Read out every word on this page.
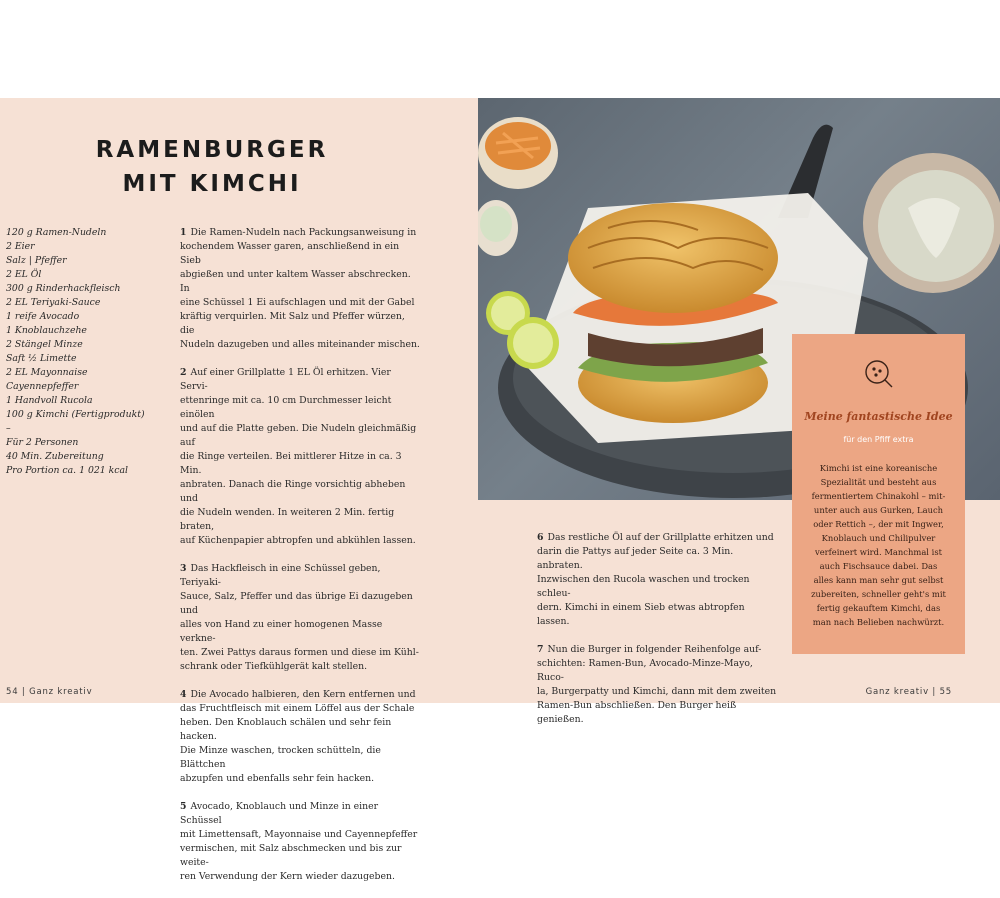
RAMENBURGER
MIT KIMCHI
120 g Ramen-Nudeln
2 Eier
Salz | Pfeffer
2 EL Öl
300 g Rinderhackfleisch
2 EL Teriyaki-Sauce
1 reife Avocado
1 Knoblauchzehe
2 Stängel Minze
Saft ½ Limette
2 EL Mayonnaise
Cayennepfeffer
1 Handvoll Rucola
100 g Kimchi (Fertigprodukt)
–
Für 2 Personen
40 Min. Zubereitung
Pro Portion ca. 1 021 kcal

1 Die Ramen-Nudeln nach Packungsanweisung in
kochendem Wasser garen, anschließend in ein Sieb
abgießen und unter kaltem Wasser abschrecken. In
eine Schüssel 1 Ei aufschlagen und mit der Gabel
kräftig verquirlen. Mit Salz und Pfeffer würzen, die
Nudeln dazugeben und alles miteinander mischen.

2 Auf einer Grillplatte 1 EL Öl erhitzen. Vier Servi-
ettenringe mit ca. 10 cm Durchmesser leicht einölen
und auf die Platte geben. Die Nudeln gleichmäßig auf
die Ringe verteilen. Bei mittlerer Hitze in ca. 3 Min.
anbraten. Danach die Ringe vorsichtig abheben und
die Nudeln wenden. In weiteren 2 Min. fertig braten,
auf Küchenpapier abtropfen und abkühlen lassen.

3 Das Hackfleisch in eine Schüssel geben, Teriyaki-
Sauce, Salz, Pfeffer und das übrige Ei dazugeben und
alles von Hand zu einer homogenen Masse verkne-
ten. Zwei Pattys daraus formen und diese im Kühl-
schrank oder Tiefkühlgerät kalt stellen.

4 Die Avocado halbieren, den Kern entfernen und
das Fruchtfleisch mit einem Löffel aus der Schale
heben. Den Knoblauch schälen und sehr fein hacken.
Die Minze waschen, trocken schütteln, die Blättchen
abzupfen und ebenfalls sehr fein hacken.

5 Avocado, Knoblauch und Minze in einer Schüssel
mit Limettensaft, Mayonnaise und Cayennepfeffer
vermischen, mit Salz abschmecken und bis zur weite-
ren Verwendung der Kern wieder dazugeben.

6 Das restliche Öl auf der Grillplatte erhitzen und
darin die Pattys auf jeder Seite ca. 3 Min. anbraten.
Inzwischen den Rucola waschen und trocken schleu-
dern. Kimchi in einem Sieb etwas abtropfen lassen.

7 Nun die Burger in folgender Reihenfolge auf-
schichten: Ramen-Bun, Avocado-Minze-Mayo, Ruco-
la, Burgerpatty und Kimchi, dann mit dem zweiten
Ramen-Bun abschließen. Den Burger heiß genießen.

Meine fantastische Idee
für den Pfiff extra
Kimchi ist eine koreanische
Spezialität und besteht aus
fermentiertem Chinakohl – mit-
unter auch aus Gurken, Lauch
oder Rettich –, der mit Ingwer,
Knoblauch und Chilipulver
verfeinert wird. Manchmal ist
auch Fischsauce dabei. Das
alles kann man sehr gut selbst
zubereiten, schneller geht's mit
fertig gekauftem Kimchi, das
man nach Belieben nachwürzt.
54 | Ganz kreativ	Ganz kreativ | 55
